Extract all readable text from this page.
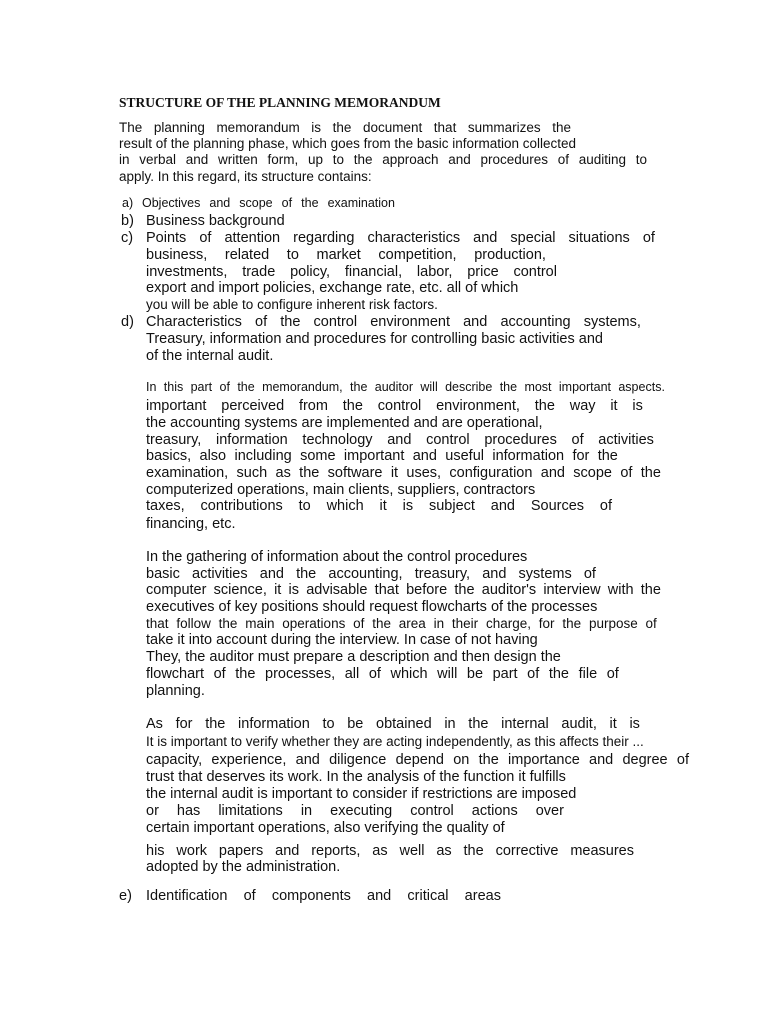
STRUCTURE OF THE PLANNING MEMORANDUM
The planning memorandum is the document that summarizes the
result of the planning phase, which goes from the basic information collected
in verbal and written form, up to the approach and procedures of auditing to
apply. In this regard, its structure contains:
a) Objectives and scope of the examination
b) Business background
c) Points of attention regarding characteristics and special situations of
business, related to market competition, production,
investments, trade policy, financial, labor, price control
export and import policies, exchange rate, etc. all of which
you will be able to configure inherent risk factors.
d) Characteristics of the control environment and accounting systems,
Treasury, information and procedures for controlling basic activities and
of the internal audit.
In this part of the memorandum, the auditor will describe the most important aspects.
important perceived from the control environment, the way it is
the accounting systems are implemented and are operational,
treasury, information technology and control procedures of activities
basics, also including some important and useful information for the
examination, such as the software it uses, configuration and scope of the
computerized operations, main clients, suppliers, contractors
taxes, contributions to which it is subject and Sources of
financing, etc.
In the gathering of information about the control procedures
basic activities and the accounting, treasury, and systems of
computer science, it is advisable that before the auditor's interview with the
executives of key positions should request flowcharts of the processes
that follow the main operations of the area in their charge, for the purpose of
take it into account during the interview. In case of not having
They, the auditor must prepare a description and then design the
flowchart of the processes, all of which will be part of the file of
planning.
As for the information to be obtained in the internal audit, it is
It is important to verify whether they are acting independently, as this affects their ...
capacity, experience, and diligence depend on the importance and degree of
trust that deserves its work. In the analysis of the function it fulfills
the internal audit is important to consider if restrictions are imposed
or has limitations in executing control actions over
certain important operations, also verifying the quality of
his work papers and reports, as well as the corrective measures
adopted by the administration.
e) Identification of components and critical areas
